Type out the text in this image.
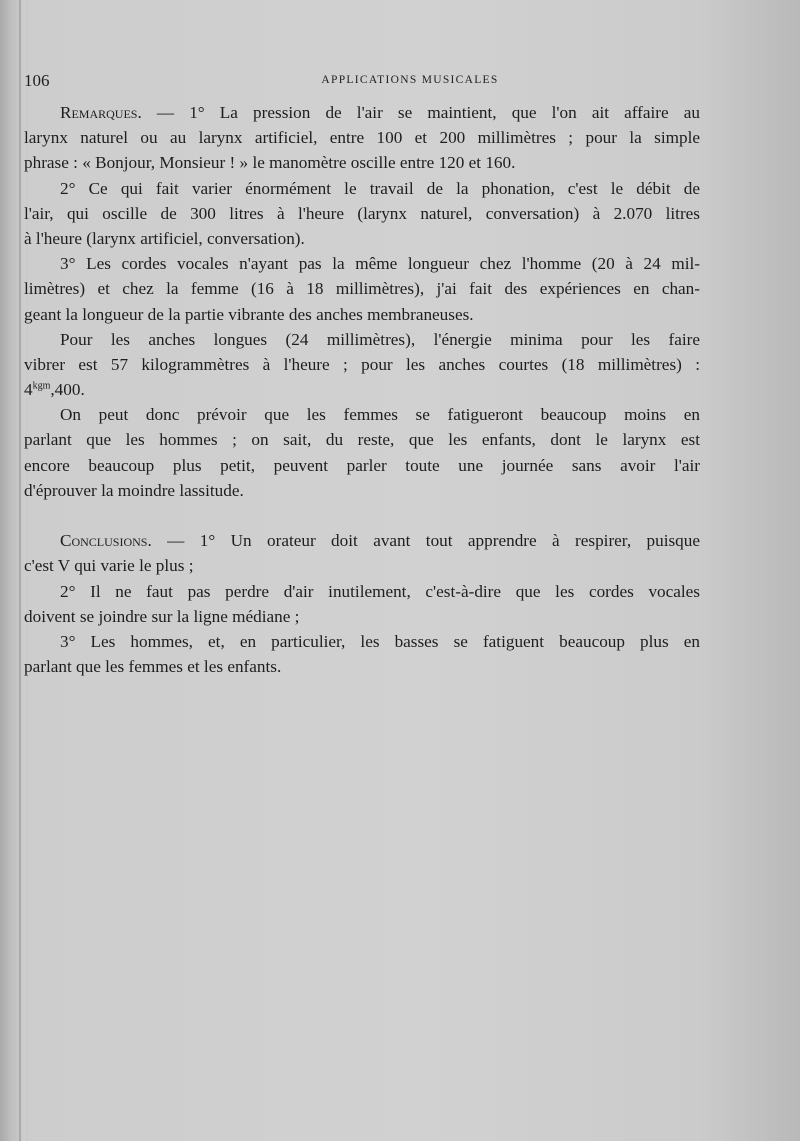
106	APPLICATIONS MUSICALES
Remarques. — 1° La pression de l'air se maintient, que l'on ait affaire au
larynx naturel ou au larynx artificiel, entre 100 et 200 millimètres ; pour la simple
phrase : « Bonjour, Monsieur ! » le manomètre oscille entre 120 et 160.
2° Ce qui fait varier énormément le travail de la phonation, c'est le débit de
l'air, qui oscille de 300 litres à l'heure (larynx naturel, conversation) à 2.070 litres
à l'heure (larynx artificiel, conversation).
3° Les cordes vocales n'ayant pas la même longueur chez l'homme (20 à 24 mil-
limètres) et chez la femme (16 à 18 millimètres), j'ai fait des expériences en chan-
geant la longueur de la partie vibrante des anches membraneuses.
Pour les anches longues (24 millimètres), l'énergie minima pour les faire
vibrer est 57 kilogrammètres à l'heure ; pour les anches courtes (18 millimètres) :
$4^{kgm},400$.
On peut donc prévoir que les femmes se fatigueront beaucoup moins en
parlant que les hommes ; on sait, du reste, que les enfants, dont le larynx est
encore beaucoup plus petit, peuvent parler toute une journée sans avoir l'air
d'éprouver la moindre lassitude.
Conclusions. — 1° Un orateur doit avant tout apprendre à respirer, puisque
c'est V qui varie le plus ;
2° Il ne faut pas perdre d'air inutilement, c'est-à-dire que les cordes vocales
doivent se joindre sur la ligne médiane ;
3° Les hommes, et, en particulier, les basses se fatiguent beaucoup plus en
parlant que les femmes et les enfants.
